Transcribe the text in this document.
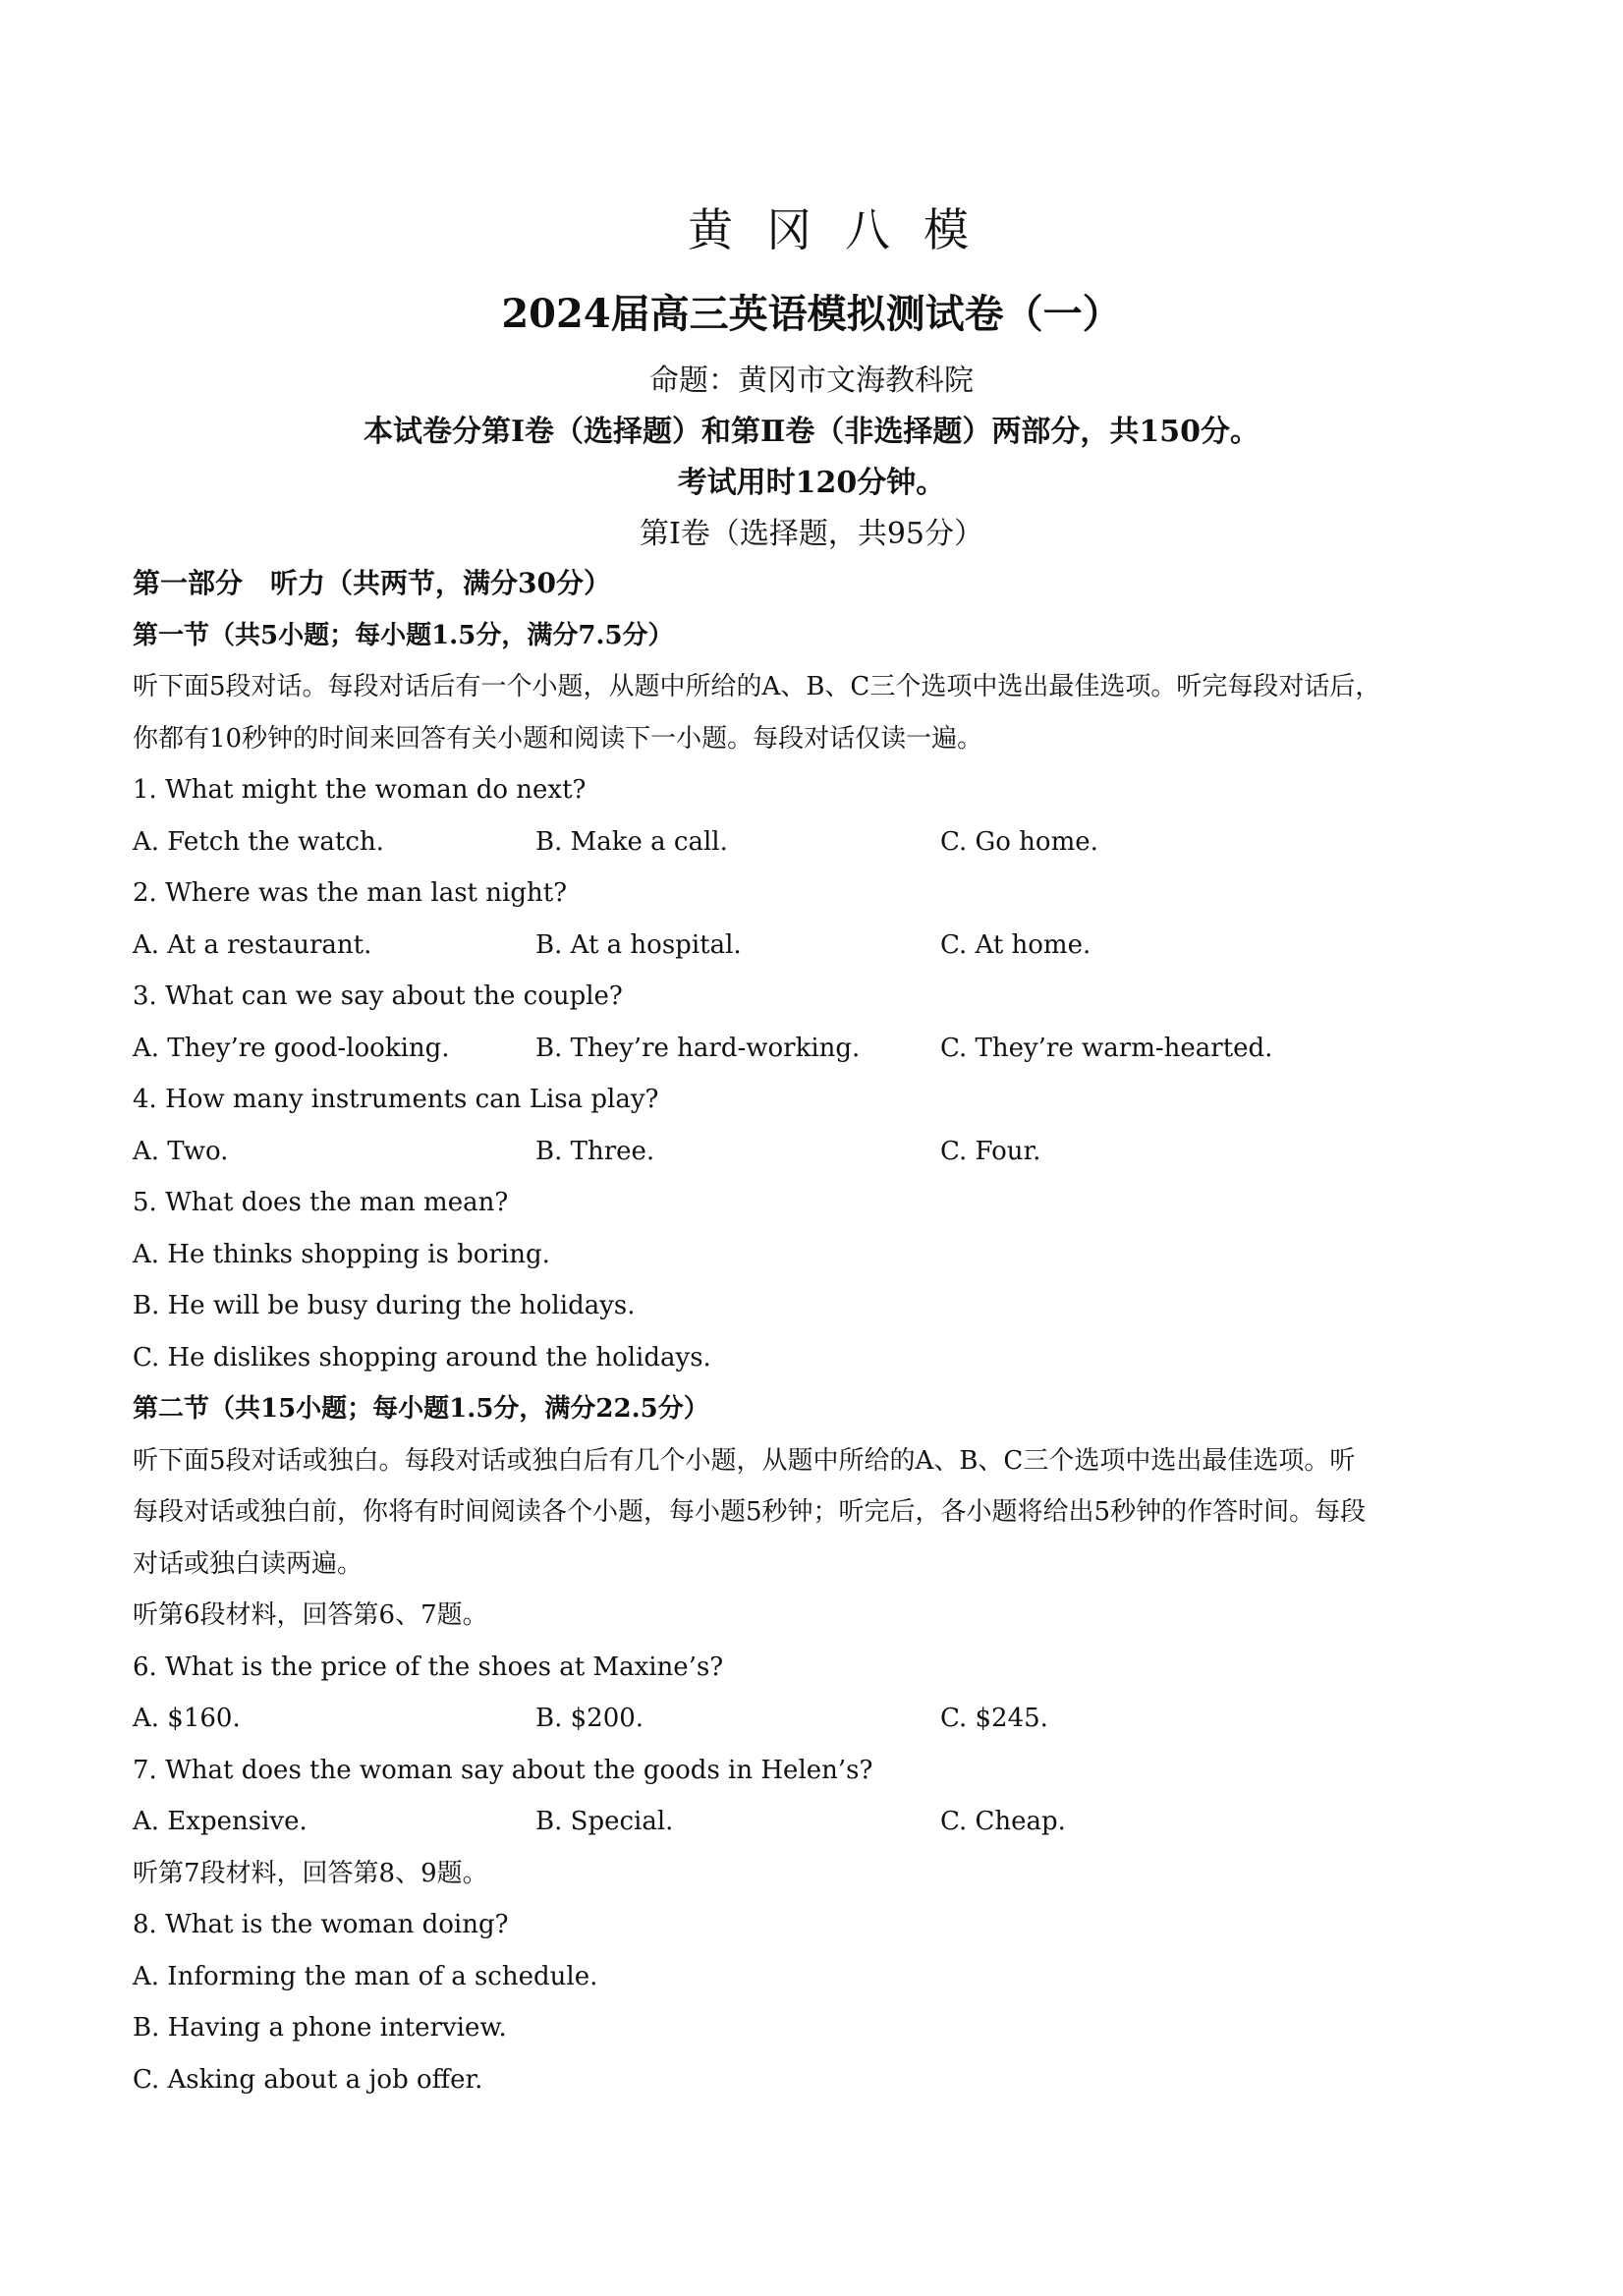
黄冈八模
2024届高三英语模拟测试卷（一）
命题：黄冈市文海教科院
本试卷分第Ⅰ卷（选择题）和第Ⅱ卷（非选择题）两部分，共150分。
考试用时120分钟。
第Ⅰ卷（选择题，共95分）
第一部分　听力（共两节，满分30分）
第一节（共5小题；每小题1.5分，满分7.5分）
听下面5段对话。每段对话后有一个小题，从题中所给的A、B、C三个选项中选出最佳选项。听完每段对话后，
你都有10秒钟的时间来回答有关小题和阅读下一小题。每段对话仅读一遍。
1. What might the woman do next?
A. Fetch the watch.	B. Make a call.	C. Go home.
2. Where was the man last night?
A. At a restaurant.	B. At a hospital.	C. At home.
3. What can we say about the couple?
A. They’re good-looking.	B. They’re hard-working.	C. They’re warm-hearted.
4. How many instruments can Lisa play?
A. Two.	B. Three.	C. Four.
5. What does the man mean?
A. He thinks shopping is boring.
B. He will be busy during the holidays.
C. He dislikes shopping around the holidays.
第二节（共15小题；每小题1.5分，满分22.5分）
听下面5段对话或独白。每段对话或独白后有几个小题，从题中所给的A、B、C三个选项中选出最佳选项。听
每段对话或独白前，你将有时间阅读各个小题，每小题5秒钟；听完后，各小题将给出5秒钟的作答时间。每段
对话或独白读两遍。
听第6段材料，回答第6、7题。
6. What is the price of the shoes at Maxine’s?
A. $160.	B. $200.	C. $245.
7. What does the woman say about the goods in Helen’s?
A. Expensive.	B. Special.	C. Cheap.
听第7段材料，回答第8、9题。
8. What is the woman doing?
A. Informing the man of a schedule.
B. Having a phone interview.
C. Asking about a job offer.
